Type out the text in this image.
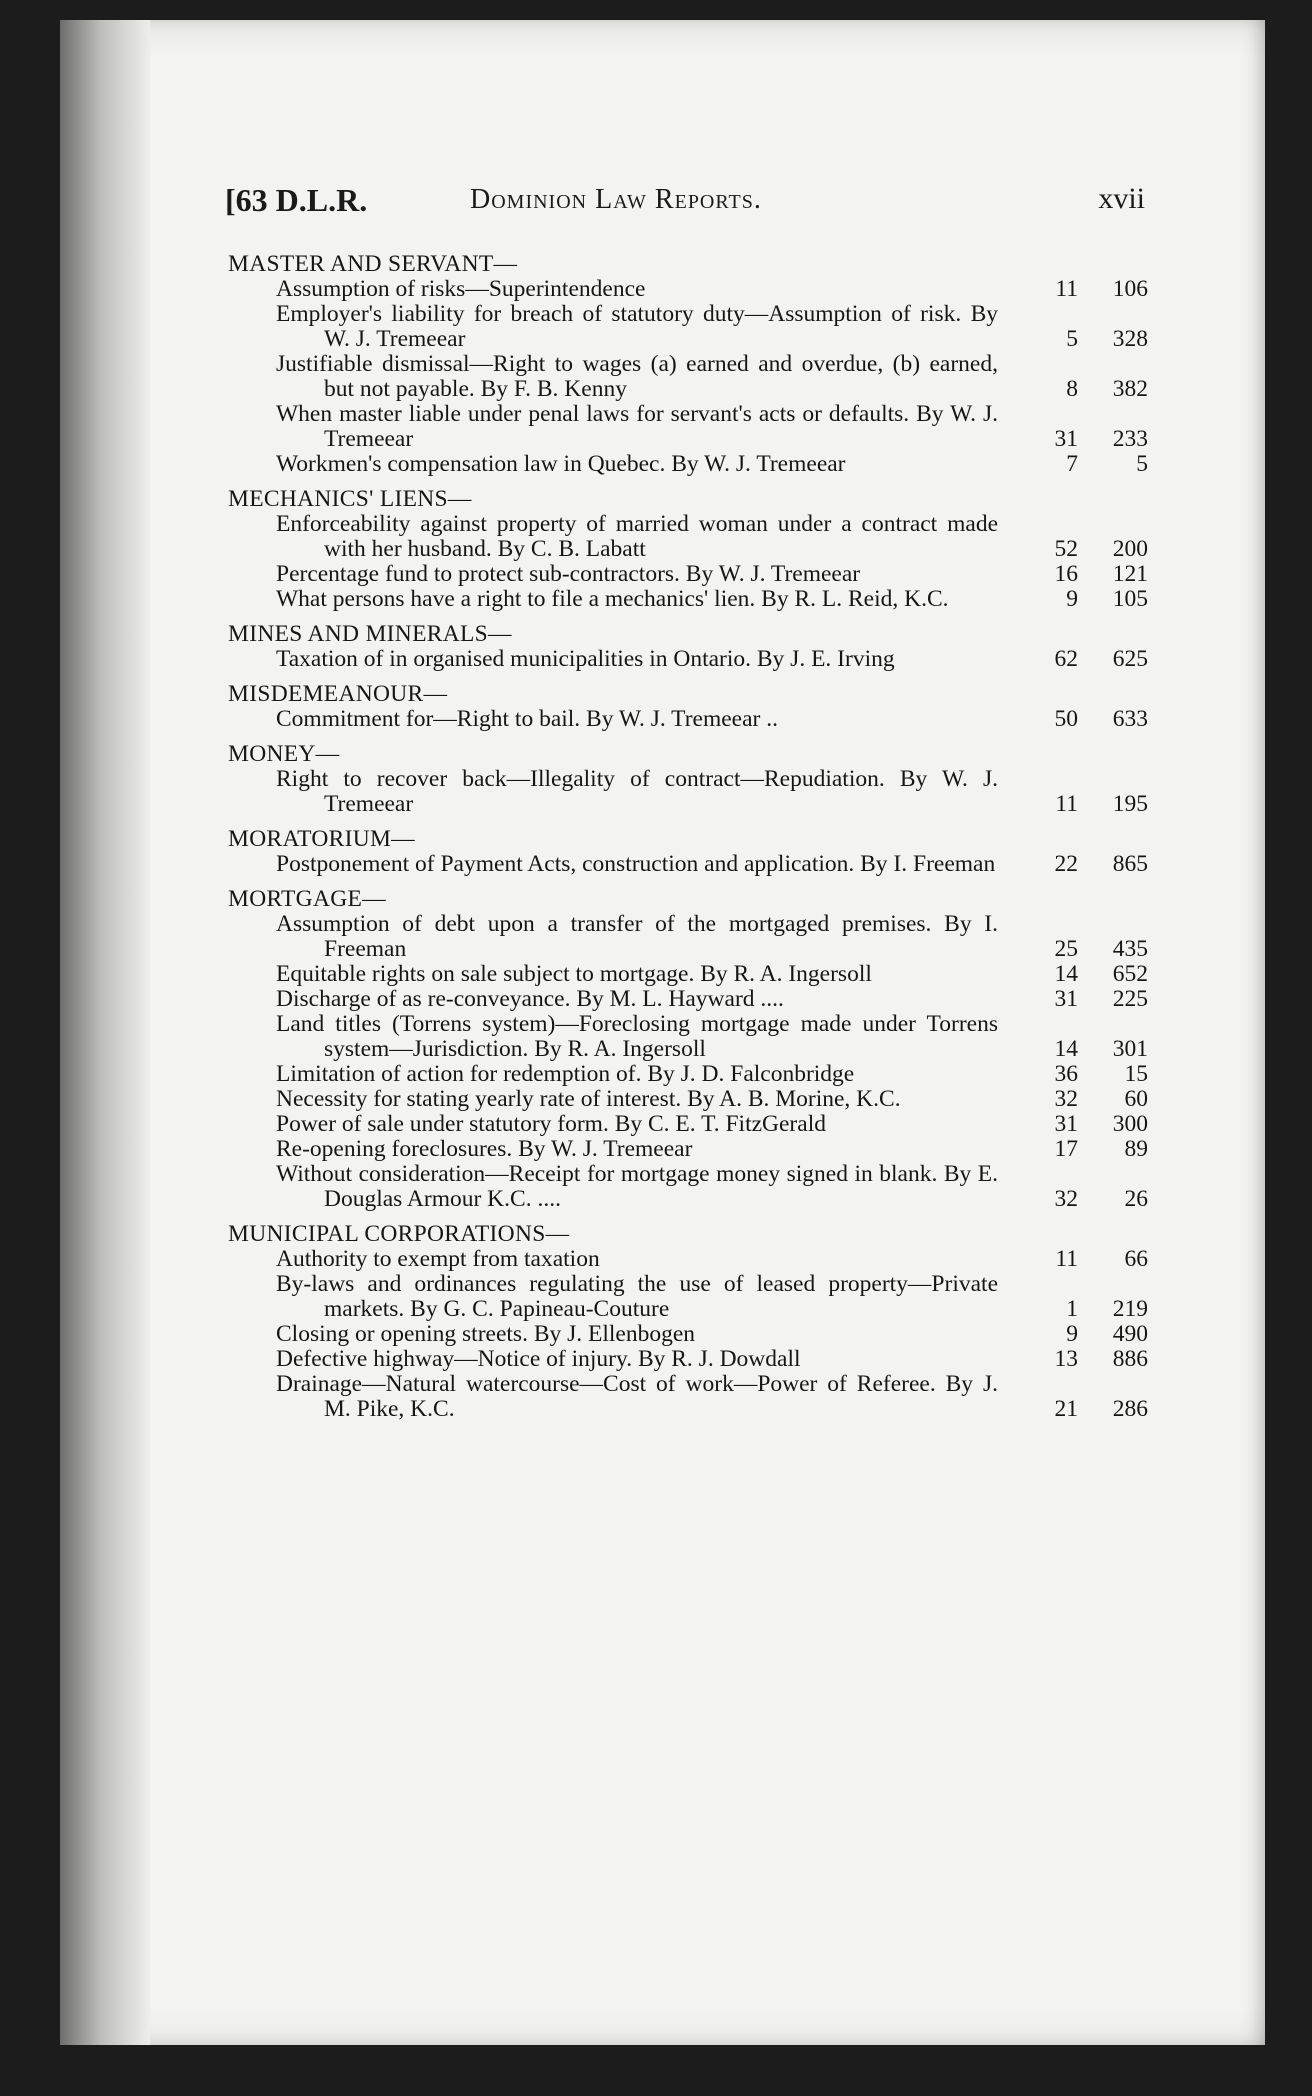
[63 D.L.R.	Dominion Law Reports.	xvii
MASTER AND SERVANT—
Assumption of risks—Superintendence	11	106
Employer's liability for breach of statutory duty—Assumption of risk. By W. J. Tremeear	5	328
Justifiable dismissal—Right to wages (a) earned and overdue, (b) earned, but not payable. By F. B. Kenny	8	382
When master liable under penal laws for servant's acts or defaults. By W. J. Tremeear	31	233
Workmen's compensation law in Quebec. By W. J. Tremeear	7	5
MECHANICS' LIENS—
Enforceability against property of married woman under a contract made with her husband. By C. B. Labatt	52	200
Percentage fund to protect sub-contractors. By W. J. Tremeear	16	121
What persons have a right to file a mechanics' lien. By R. L. Reid, K.C.	9	105
MINES AND MINERALS—
Taxation of in organised municipalities in Ontario. By J. E. Irving	62	625
MISDEMEANOUR—
Commitment for—Right to bail. By W. J. Tremeear ..	50	633
MONEY—
Right to recover back—Illegality of contract—Repudiation. By W. J. Tremeear	11	195
MORATORIUM—
Postponement of Payment Acts, construction and application. By I. Freeman	22	865
MORTGAGE—
Assumption of debt upon a transfer of the mortgaged premises. By I. Freeman	25	435
Equitable rights on sale subject to mortgage. By R. A. Ingersoll	14	652
Discharge of as re-conveyance. By M. L. Hayward ....	31	225
Land titles (Torrens system)—Foreclosing mortgage made under Torrens system—Jurisdiction. By R. A. Ingersoll	14	301
Limitation of action for redemption of. By J. D. Falconbridge	36	15
Necessity for stating yearly rate of interest. By A. B. Morine, K.C.	32	60
Power of sale under statutory form. By C. E. T. FitzGerald	31	300
Re-opening foreclosures. By W. J. Tremeear	17	89
Without consideration—Receipt for mortgage money signed in blank. By E. Douglas Armour K.C. ....	32	26
MUNICIPAL CORPORATIONS—
Authority to exempt from taxation	11	66
By-laws and ordinances regulating the use of leased property—Private markets. By G. C. Papineau-Couture	1	219
Closing or opening streets. By J. Ellenbogen	9	490
Defective highway—Notice of injury. By R. J. Dowdall	13	886
Drainage—Natural watercourse—Cost of work—Power of Referee. By J. M. Pike, K.C.	21	286
